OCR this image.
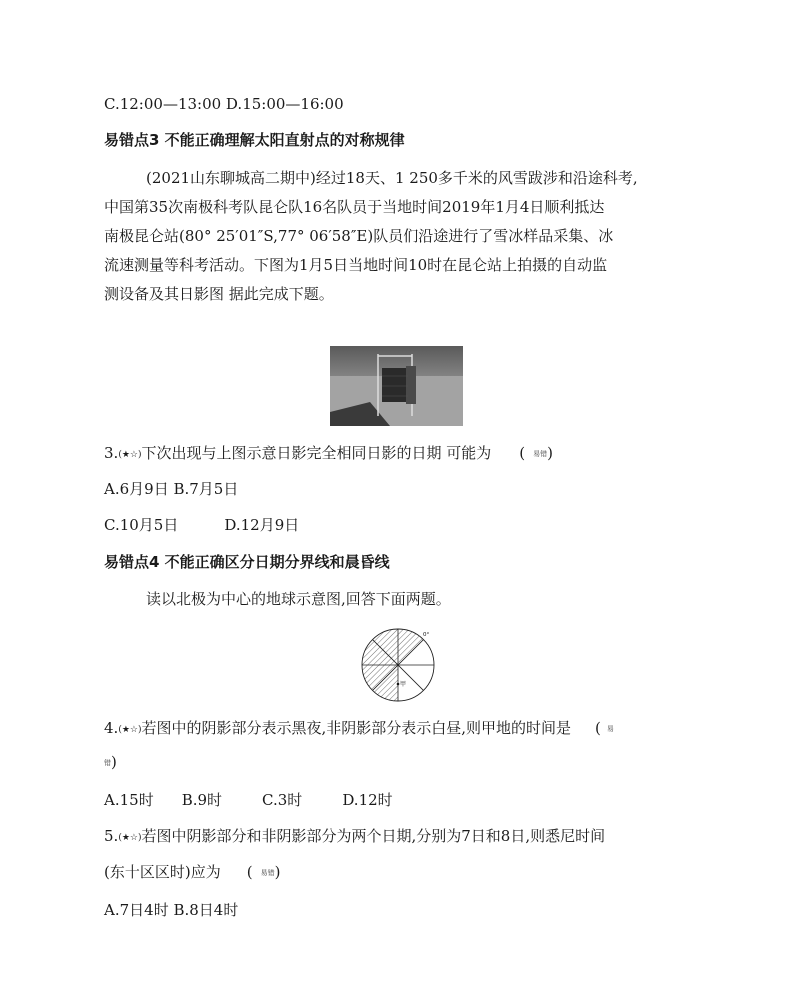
C.12:00—13:00 D.15:00—16:00
易错点3 不能正确理解太阳直射点的对称规律
(2021山东聊城高二期中)经过18天、1 250多千米的风雪跋涉和沿途科考,
中国第35次南极科考队昆仑队16名队员于当地时间2019年1月4日顺利抵达
南极昆仑站(80° 25′01″S,77° 06′58″E)队员们沿途进行了雪冰样品采集、冰
流速测量等科考活动。下图为1月5日当地时间10时在昆仑站上拍摄的自动监
测设备及其日影图 据此完成下题。
3.(★☆)下次出现与上图示意日影完全相同日影的日期 可能为 ( 易错)
A.6月9日 B.7月5日
C.10月5日	D.12月9日
易错点4 不能正确区分日期分界线和晨昏线
读以北极为中心的地球示意图,回答下面两题。
甲
0°
4.(★☆)若图中的阴影部分表示黑夜,非阴影部分表示白昼,则甲地的时间是 ( 易
错)
A.15时 B.9时	C.3时	D.12时
5.(★☆)若图中阴影部分和非阴影部分为两个日期,分别为7日和8日,则悉尼时间
(东十区区时)应为 ( 易错)
A.7日4时 B.8日4时
